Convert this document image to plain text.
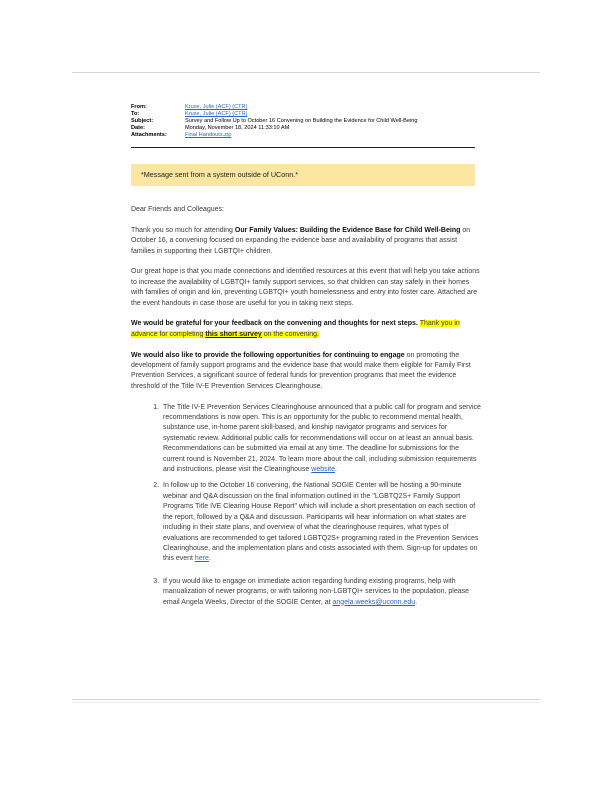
From:	Kruse, Julie (ACF) (CTR)
To:	Kruse, Julie (ACF) (CTR)
Subject:	Survey and Follow Up to October 16 Convening on Building the Evidence for Child Well-Being
Date:	Monday, November 18, 2024 11:33:10 AM
Attachments:	Final Handouts.zip
*Message sent from a system outside of UConn.*

Dear Friends and Colleagues:

Thank you so much for attending Our Family Values: Building the Evidence Base for Child Well-Being on October 16, a convening focused on expanding the evidence base and availability of programs that assist families in supporting their LGBTQI+ children.

Our great hope is that you made connections and identified resources at this event that will help you take actions to increase the availability of LGBTQI+ family support services, so that children can stay safely in their homes with families of origin and kin, preventing LGBTQI+ youth homelessness and entry into foster care. Attached are the event handouts in case those are useful for you in taking next steps.

We would be grateful for your feedback on the convening and thoughts for next steps. Thank you in advance for completing this short survey on the convening.

We would also like to provide the following opportunities for continuing to engage on promoting the development of family support programs and the evidence base that would make them eligible for Family First Prevention Services, a significant source of federal funds for prevention programs that meet the evidence threshold of the Title IV-E Prevention Services Clearinghouse.

1. The Title IV-E Prevention Services Clearinghouse announced that a public call for program and service recommendations is now open. This is an opportunity for the public to recommend mental health, substance use, in-home parent skill-based, and kinship navigator programs and services for systematic review. Additional public calls for recommendations will occur on at least an annual basis. Recommendations can be submitted via email at any time. The deadline for submissions for the current round is November 21, 2024. To learn more about the call, including submission requirements and instructions, please visit the Clearinghouse website.
2. In follow up to the October 16 convening, the National SOGIE Center will be hosting a 90-minute webinar and Q&A discussion on the final information outlined in the "LGBTQ2S+ Family Support Programs Title IVE Clearing House Report" which will include a short presentation on each section of the report, followed by a Q&A and discussion. Participants will hear information on what states are including in their state plans, and overview of what the clearinghouse requires, what types of evaluations are recommended to get tailored LGBTQ2S+ programing rated in the Prevention Services Clearinghouse, and the implementation plans and costs associated with them. Sign-up for updates on this event here.
3. If you would like to engage on immediate action regarding funding existing programs, help with manualization of newer programs, or with tailoring non-LGBTQI+ services to the population, please email Angela Weeks, Director of the SOGIE Center, at angela.weeks@uconn.edu.
